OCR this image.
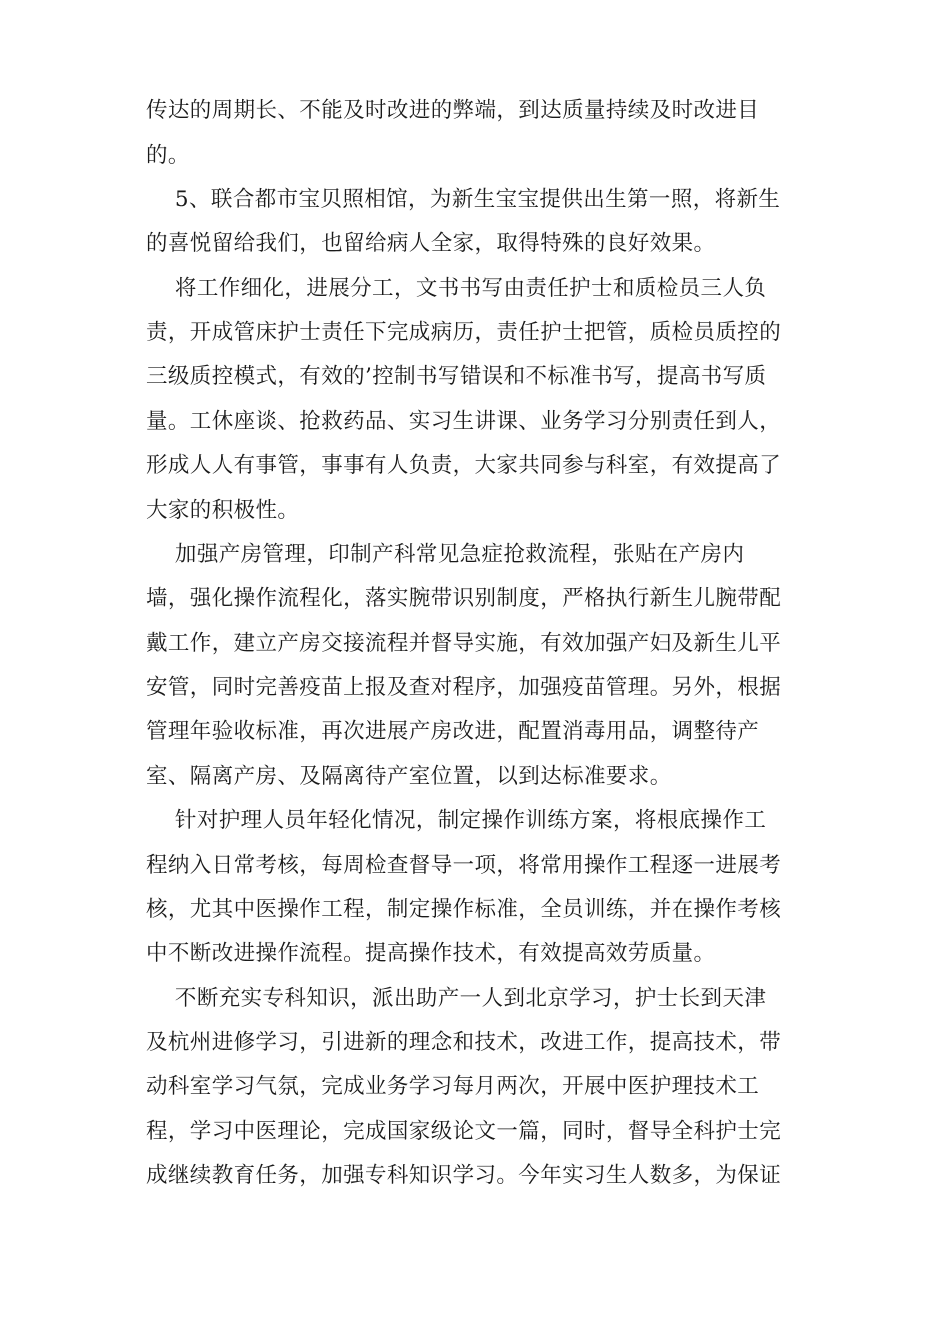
传达的周期长、不能及时改进的弊端，到达质量持续及时改进目
的。
5、联合都市宝贝照相馆，为新生宝宝提供出生第一照，将新生
的喜悦留给我们，也留给病人全家，取得特殊的良好效果。
将工作细化，进展分工，文书书写由责任护士和质检员三人负
责，开成管床护士责任下完成病历，责任护士把管，质检员质控的
三级质控模式，有效的’控制书写错误和不标准书写，提高书写质
量。工休座谈、抢救药品、实习生讲课、业务学习分别责任到人，
形成人人有事管，事事有人负责，大家共同参与科室，有效提高了
大家的积极性。
加强产房管理，印制产科常见急症抢救流程，张贴在产房内
墙，强化操作流程化，落实腕带识别制度，严格执行新生儿腕带配
戴工作，建立产房交接流程并督导实施，有效加强产妇及新生儿平
安管，同时完善疫苗上报及查对程序，加强疫苗管理。另外，根据
管理年验收标准，再次进展产房改进，配置消毒用品，调整待产
室、隔离产房、及隔离待产室位置，以到达标准要求。
针对护理人员年轻化情况，制定操作训练方案，将根底操作工
程纳入日常考核，每周检查督导一项，将常用操作工程逐一进展考
核，尤其中医操作工程，制定操作标准，全员训练，并在操作考核
中不断改进操作流程。提高操作技术，有效提高效劳质量。
不断充实专科知识，派出助产一人到北京学习，护士长到天津
及杭州进修学习，引进新的理念和技术，改进工作，提高技术，带
动科室学习气氛，完成业务学习每月两次，开展中医护理技术工
程，学习中医理论，完成国家级论文一篇，同时，督导全科护士完
成继续教育任务，加强专科知识学习。今年实习生人数多，为保证
